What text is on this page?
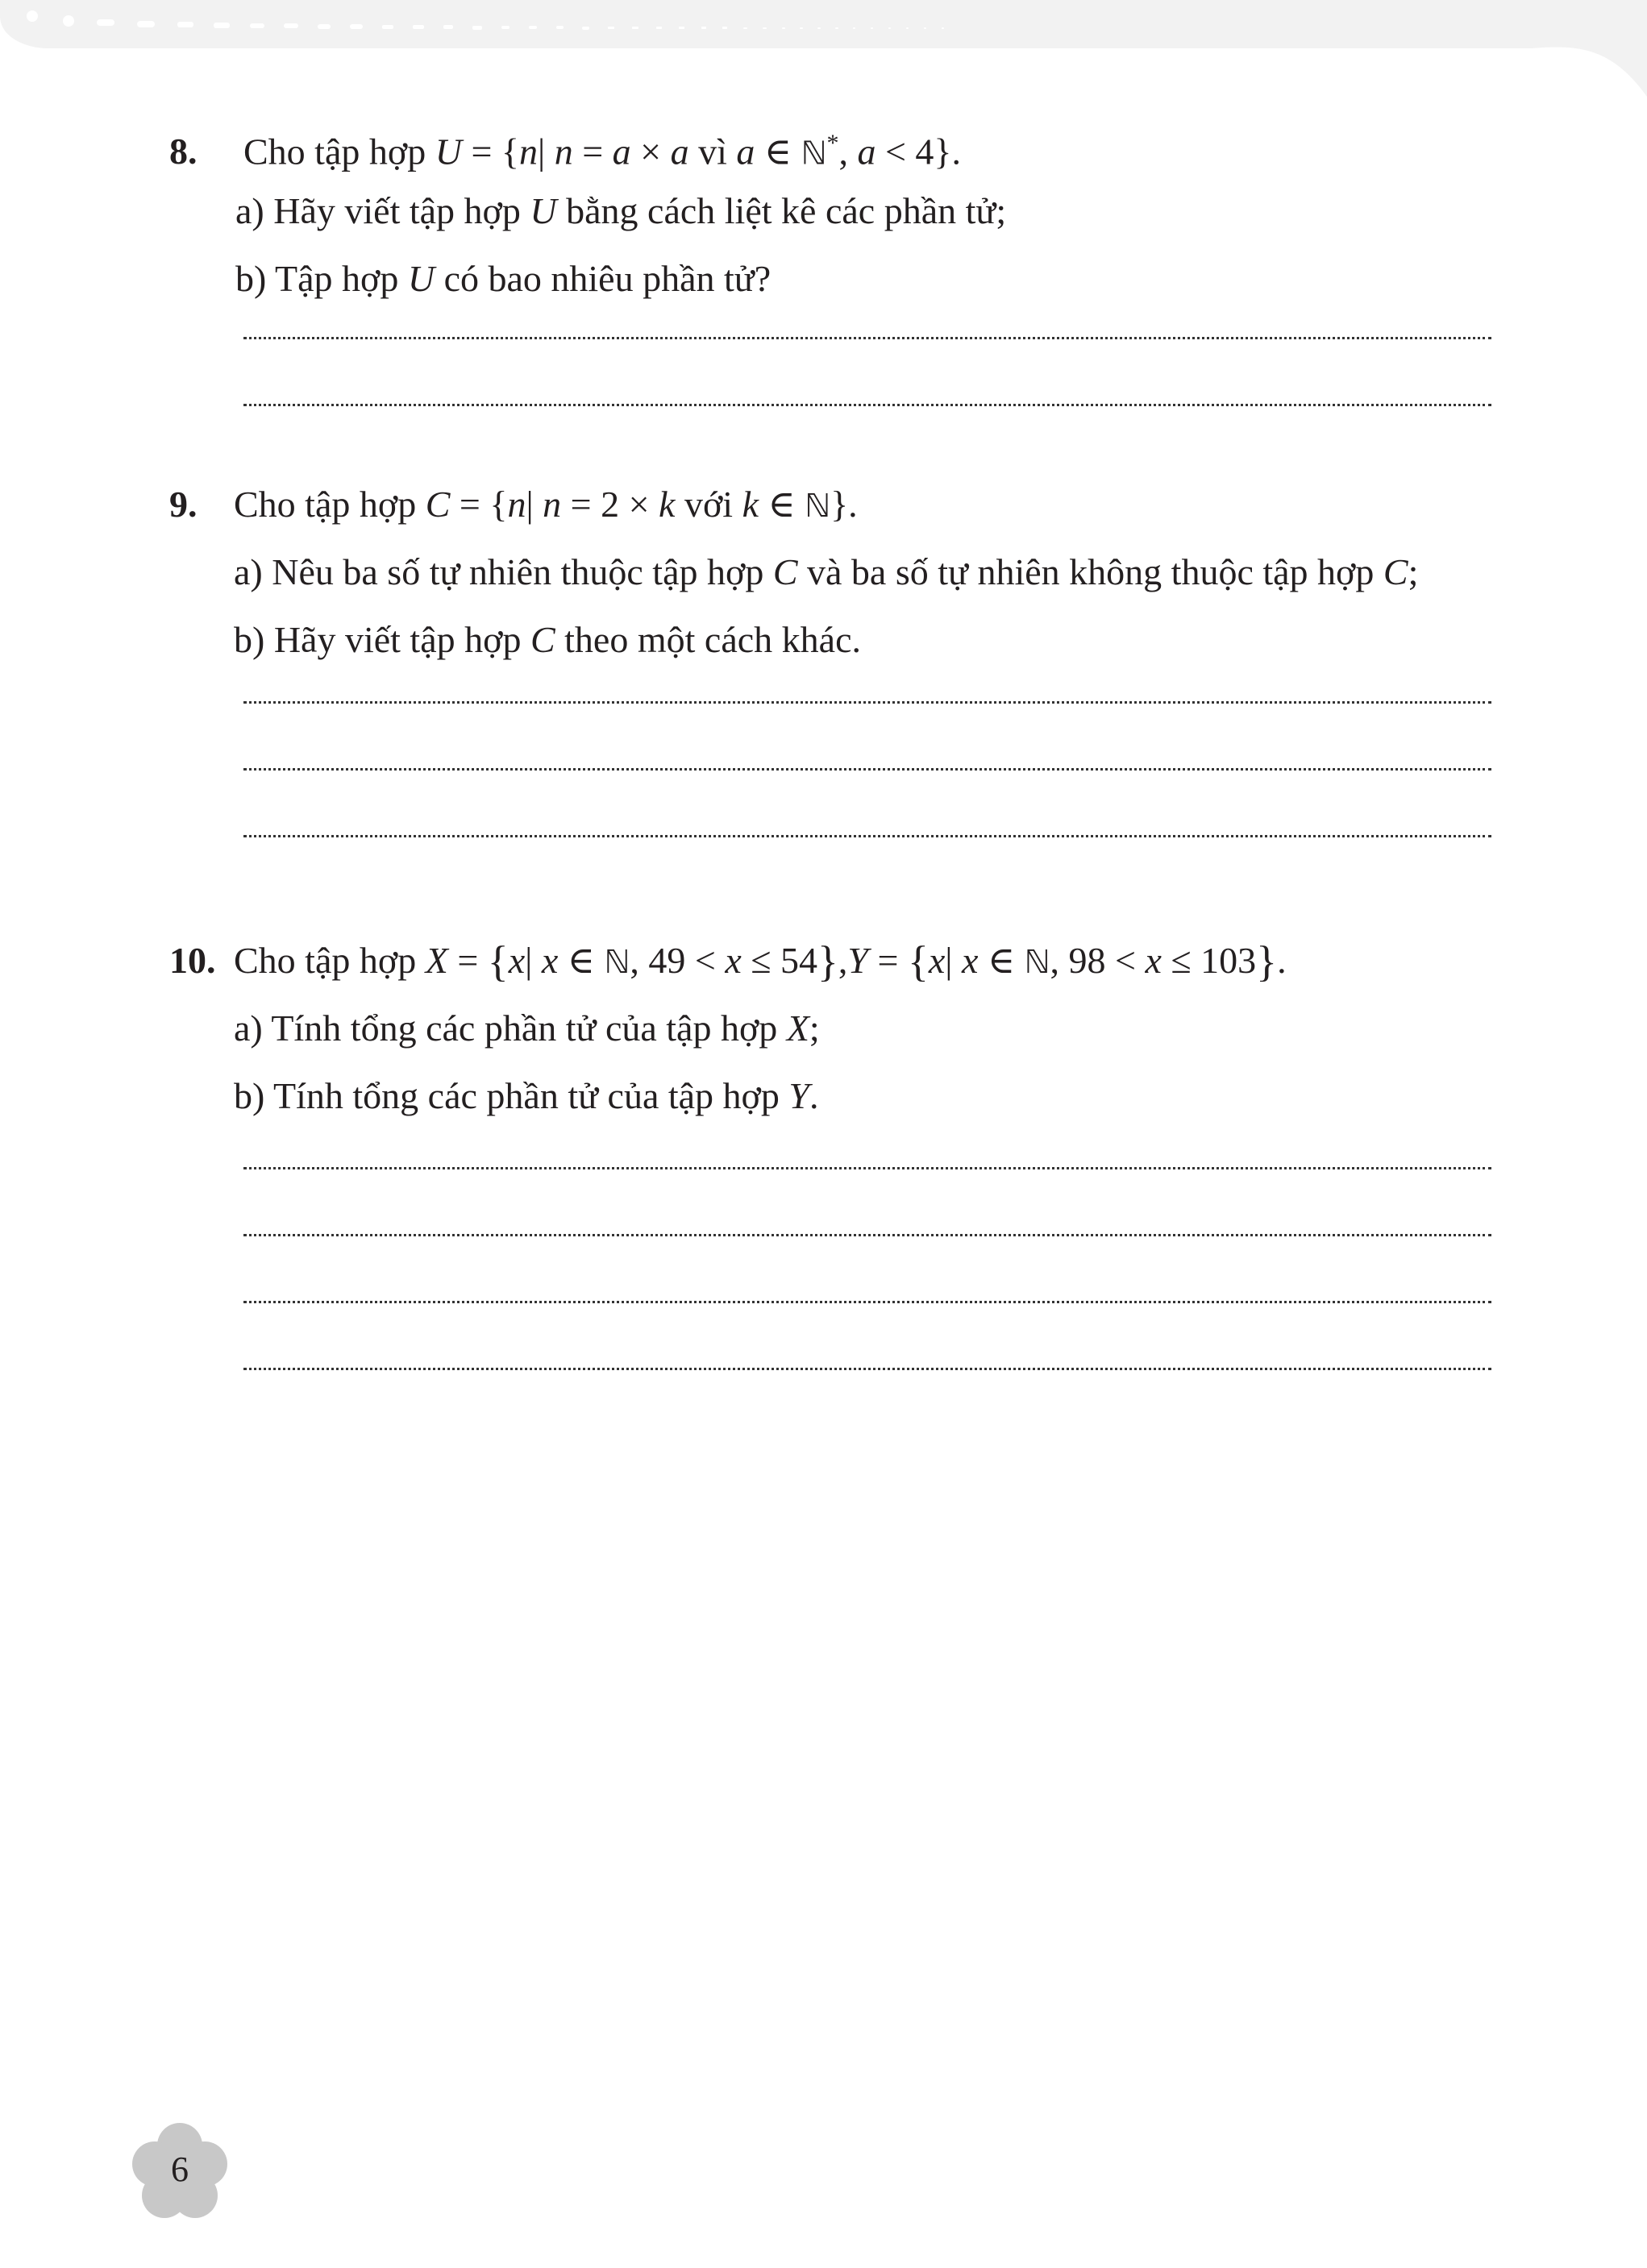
8. Cho tập hợp U = {n| n = a × a vì a ∈ ℕ*, a < 4}.
a) Hãy viết tập hợp U bằng cách liệt kê các phần tử;
b) Tập hợp U có bao nhiêu phần tử?
9. Cho tập hợp C = {n| n = 2 × k với k ∈ ℕ}.
a) Nêu ba số tự nhiên thuộc tập hợp C và ba số tự nhiên không thuộc tập hợp C;
b) Hãy viết tập hợp C theo một cách khác.
10. Cho tập hợp X = {x| x ∈ ℕ, 49 < x ≤ 54},Y = {x| x ∈ ℕ, 98 < x ≤ 103}.
a) Tính tổng các phần tử của tập hợp X;
b) Tính tổng các phần tử của tập hợp Y.
6
